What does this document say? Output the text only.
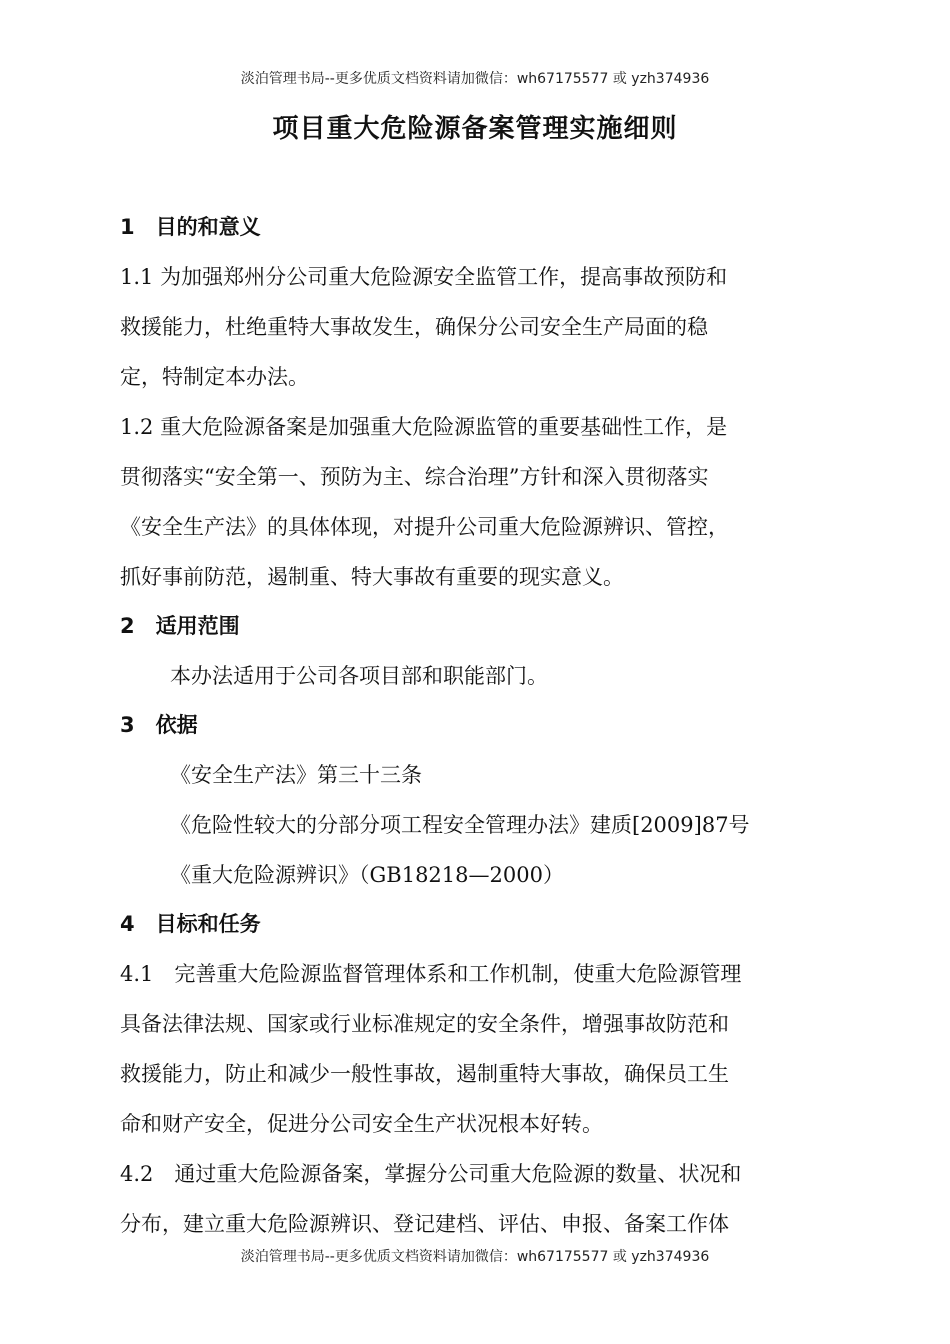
淡泊管理书局--更多优质文档资料请加微信：wh67175577 或 yzh374936
项目重大危险源备案管理实施细则
1　目的和意义
1.1 为加强郑州分公司重大危险源安全监管工作，提高事故预防和
救援能力，杜绝重特大事故发生，确保分公司安全生产局面的稳
定，特制定本办法。
1.2 重大危险源备案是加强重大危险源监管的重要基础性工作，是
贯彻落实“安全第一、预防为主、综合治理”方针和深入贯彻落实
《安全生产法》的具体体现，对提升公司重大危险源辨识、管控，
抓好事前防范，遏制重、特大事故有重要的现实意义。
2　适用范围
本办法适用于公司各项目部和职能部门。
3　依据
《安全生产法》第三十三条
《危险性较大的分部分项工程安全管理办法》建质[2009]87号
《重大危险源辨识》（GB18218—2000）
4　目标和任务
4.1　完善重大危险源监督管理体系和工作机制，使重大危险源管理
具备法律法规、国家或行业标准规定的安全条件，增强事故防范和
救援能力，防止和减少一般性事故，遏制重特大事故，确保员工生
命和财产安全，促进分公司安全生产状况根本好转。
4.2　通过重大危险源备案，掌握分公司重大危险源的数量、状况和
分布，建立重大危险源辨识、登记建档、评估、申报、备案工作体
淡泊管理书局--更多优质文档资料请加微信：wh67175577 或 yzh374936
